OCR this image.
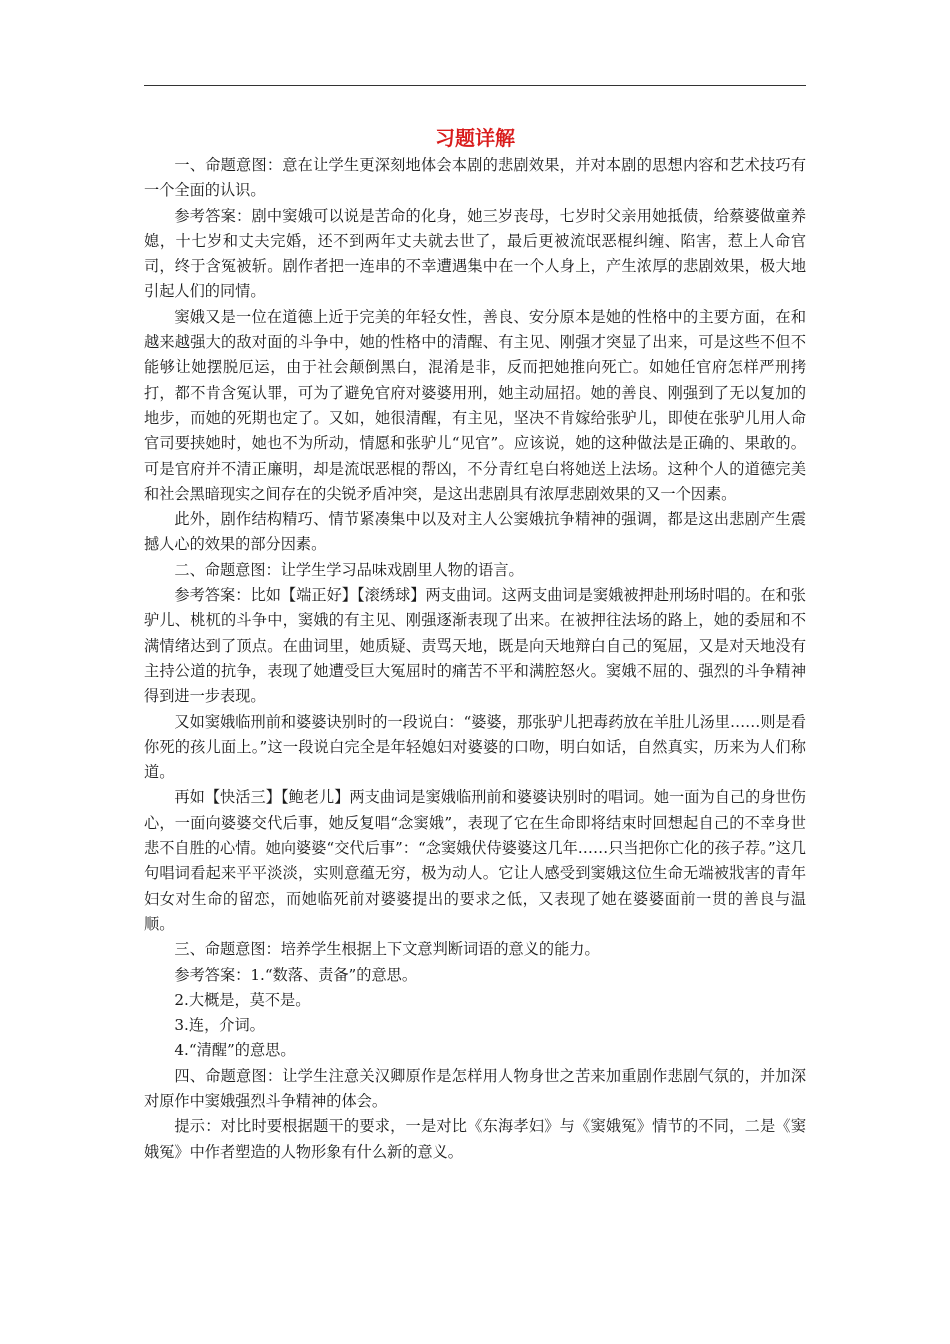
习题详解

一、命题意图：意在让学生更深刻地体会本剧的悲剧效果，并对本剧的思想内容和艺术技巧有一个全面的认识。

参考答案：剧中窦娥可以说是苦命的化身，她三岁丧母，七岁时父亲用她抵债，给蔡婆做童养媳，十七岁和丈夫完婚，还不到两年丈夫就去世了，最后更被流氓恶棍纠缠、陷害，惹上人命官司，终于含冤被斩。剧作者把一连串的不幸遭遇集中在一个人身上，产生浓厚的悲剧效果，极大地引起人们的同情。

窦娥又是一位在道德上近于完美的年轻女性，善良、安分原本是她的性格中的主要方面，在和越来越强大的敌对面的斗争中，她的性格中的清醒、有主见、刚强才突显了出来，可是这些不但不能够让她摆脱厄运，由于社会颠倒黑白，混淆是非，反而把她推向死亡。如她任官府怎样严刑拷打，都不肯含冤认罪，可为了避免官府对婆婆用刑，她主动屈招。她的善良、刚强到了无以复加的地步，而她的死期也定了。又如，她很清醒，有主见，坚决不肯嫁给张驴儿，即使在张驴儿用人命官司要挟她时，她也不为所动，情愿和张驴儿“见官”。应该说，她的这种做法是正确的、果敢的。可是官府并不清正廉明，却是流氓恶棍的帮凶，不分青红皂白将她送上法场。这种个人的道德完美和社会黑暗现实之间存在的尖锐矛盾冲突，是这出悲剧具有浓厚悲剧效果的又一个因素。

此外，剧作结构精巧、情节紧凑集中以及对主人公窦娥抗争精神的强调，都是这出悲剧产生震撼人心的效果的部分因素。

二、命题意图：让学生学习品味戏剧里人物的语言。

参考答案：比如【端正好】【滚绣球】两支曲词。这两支曲词是窦娥被押赴刑场时唱的。在和张驴儿、桃杌的斗争中，窦娥的有主见、刚强逐渐表现了出来。在被押往法场的路上，她的委屈和不满情绪达到了顶点。在曲词里，她质疑、责骂天地，既是向天地辩白自己的冤屈，又是对天地没有主持公道的抗争，表现了她遭受巨大冤屈时的痛苦不平和满腔怒火。窦娥不屈的、强烈的斗争精神得到进一步表现。

又如窦娥临刑前和婆婆诀别时的一段说白：“婆婆，那张驴儿把毒药放在羊肚儿汤里……则是看你死的孩儿面上。”这一段说白完全是年轻媳妇对婆婆的口吻，明白如话，自然真实，历来为人们称道。

再如【快活三】【鲍老儿】两支曲词是窦娥临刑前和婆婆诀别时的唱词。她一面为自己的身世伤心，一面向婆婆交代后事，她反复唱“念窦娥”，表现了它在生命即将结束时回想起自己的不幸身世悲不自胜的心情。她向婆婆“交代后事”：“念窦娥伏侍婆婆这几年……只当把你亡化的孩子荐。”这几句唱词看起来平平淡淡，实则意蕴无穷，极为动人。它让人感受到窦娥这位生命无端被戕害的青年妇女对生命的留恋，而她临死前对婆婆提出的要求之低，又表现了她在婆婆面前一贯的善良与温顺。

三、命题意图：培养学生根据上下文意判断词语的意义的能力。

参考答案：1.“数落、责备”的意思。

2.大概是，莫不是。

3.连，介词。

4.“清醒”的意思。

四、命题意图：让学生注意关汉卿原作是怎样用人物身世之苦来加重剧作悲剧气氛的，并加深对原作中窦娥强烈斗争精神的体会。

提示：对比时要根据题干的要求，一是对比《东海孝妇》与《窦娥冤》情节的不同，二是《窦娥冤》中作者塑造的人物形象有什么新的意义。
